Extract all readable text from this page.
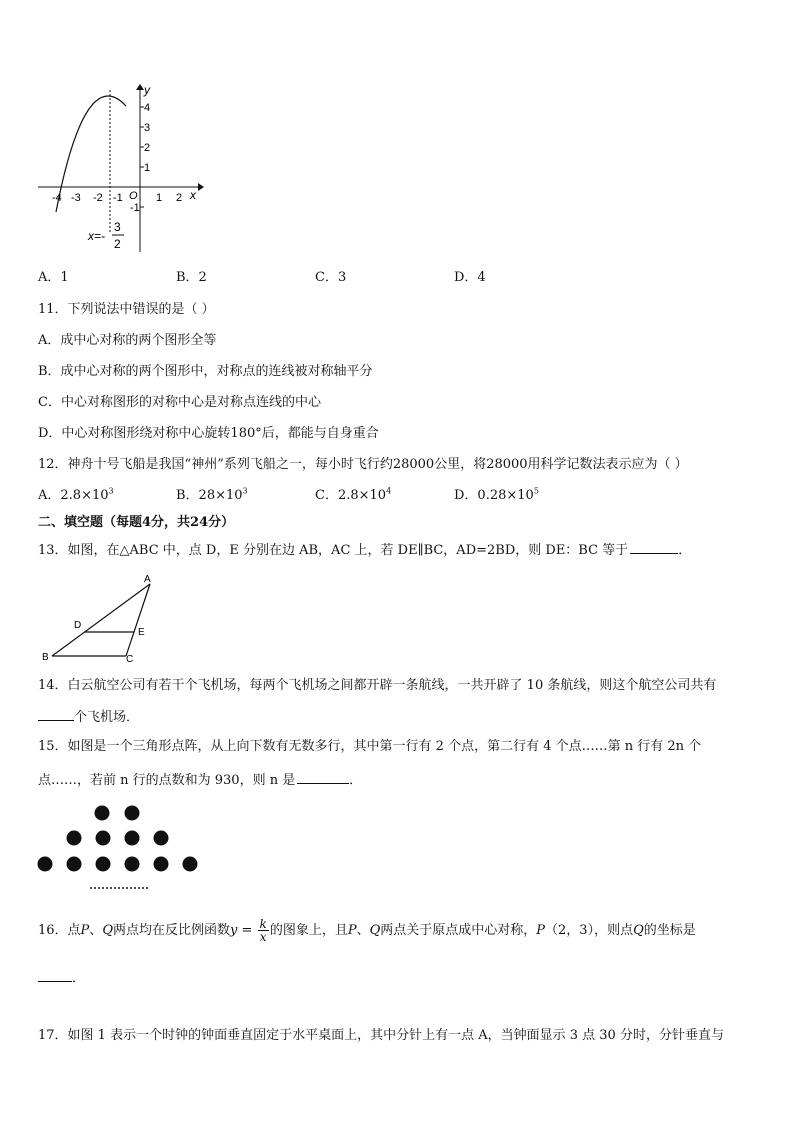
y
x
O
4
3
2
1
-1
-4 -3 -2 -1	1 2
x=-
3
2
A．1	B．2	C．3	D．4
11．下列说法中错误的是（ ）
A．成中心对称的两个图形全等
B．成中心对称的两个图形中，对称点的连线被对称轴平分
C．中心对称图形的对称中心是对称点连线的中心
D．中心对称图形绕对称中心旋转180°后，都能与自身重合
12．神舟十号飞船是我国“神州”系列飞船之一，每小时飞行约28000公里，将28000用科学记数法表示应为（ ）
A．$2.8\times 10^3$	B．$28\times 10^3$	C．$2.8\times 10^4$	D．$0.28\times 10^5$
二、填空题（每题4分，共24分）
13．如图，在△ABC 中，点 D，E 分别在边 AB，AC 上，若 DE∥BC，AD=2BD，则 DE：BC 等于	．
A
B	C
D
E
14．白云航空公司有若干个飞机场，每两个飞机场之间都开辟一条航线，一共开辟了 10 条航线，则这个航空公司共有
个飞机场．
15．如图是一个三角形点阵，从上向下数有无数多行，其中第一行有 2 个点，第二行有 4 个点……第 n 行有 2n 个
点……，若前 n 行的点数和为 930，则 n 是	．
16．点P、Q两点均在反比例函数$y = \frac{k}{x}$ 的图象上，且P、Q两点关于原点成中心对称，P（2，3），则点Q的坐标是
．
17．如图 1 表示一个时钟的钟面垂直固定于水平桌面上，其中分针上有一点 A，当钟面显示 3 点 30 分时，分针垂直与
